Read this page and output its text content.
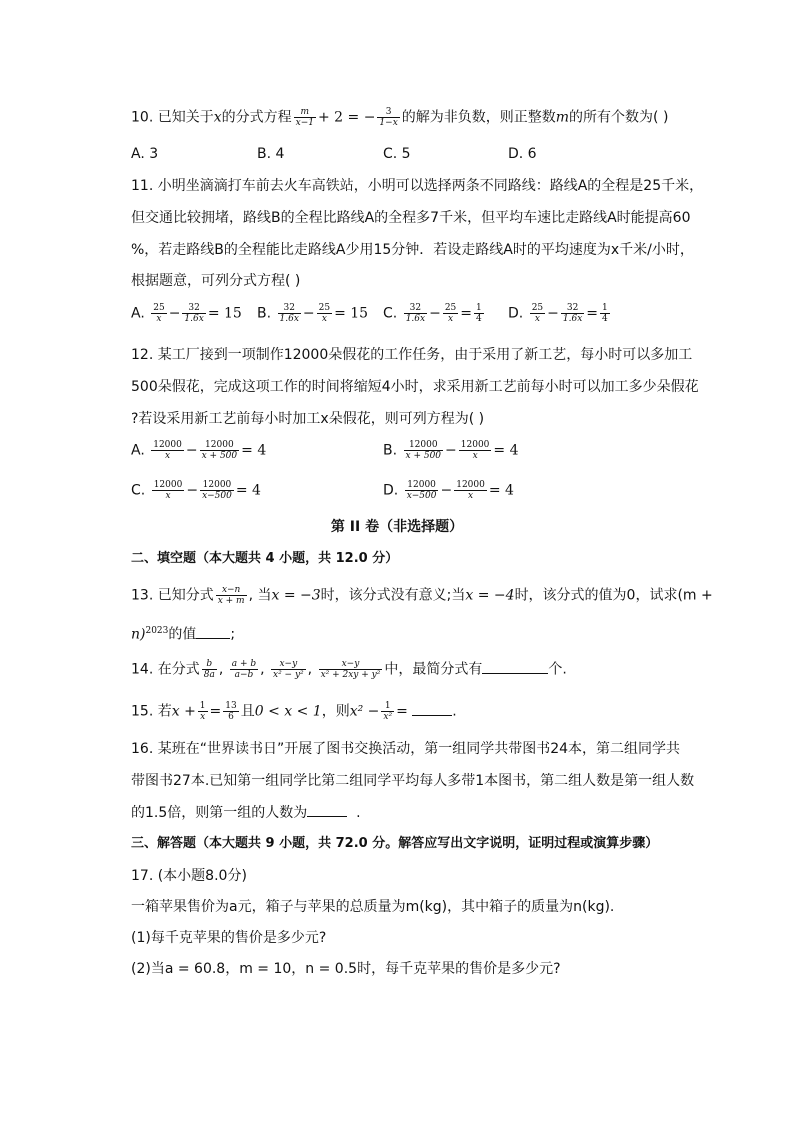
10. 已知关于x的分式方程 $\frac{m}{x-1} + 2$ = − $\frac{3}{1-x}$ 的解为非负数，则正整数m的所有个数为( )
A. 3	B. 4	C. 5	D. 6
11. 小明坐滴滴打车前去火车高铁站，小明可以选择两条不同路线：路线A的全程是25千米，
但交通比较拥堵，路线B的全程比路线A的全程多7千米，但平均车速比走路线A时能提高60
%，若走路线B的全程能比走路线A少用15分钟．若设走路线A时的平均速度为x千米/小时，
根据题意，可列分式方程( )
A. $\frac{25}{x} - \frac{32}{1.6x} = 15$ B. $\frac{32}{1.6x} - \frac{25}{x} = 15$ C. $\frac{32}{1.6x} - \frac{25}{x} = \frac{1}{4} D$. $\frac{25}{x} - \frac{32}{1.6x} = \frac{1}{4}$
12. 某工厂接到一项制作12000朵假花的工作任务，由于采用了新工艺，每小时可以多加工
500朵假花，完成这项工作的时间将缩短4小时，求采用新工艺前每小时可以加工多少朵假花
?若设采用新工艺前每小时加工x朵假花，则可列方程为( )
A. $\frac{12000}{x} - \frac{12000}{x + 500} = 4$	B. $\frac{12000}{x + 500} - \frac{12000}{x} = 4$
C. $\frac{12000}{x} - \frac{12000}{x-500} = 4$	D. $\frac{12000}{x-500} - \frac{12000}{x} = 4$
第 II 卷（非选择题）
二、填空题（本大题共 4 小题，共 12.0 分）
13. 已知分式 $\frac{x-n}{x + m}$ , 当x = −3时，该分式没有意义;当x = −4时，该分式的值为0，试求(m +
n)$^{2023}$的值 ;
14. 在分式 $\frac{b}{8a}$ , $\frac{a + b}{a-b}$ , $\frac{x-y}{\text{x² − y²}}$ , $\frac{x-y}{\text{x² + 2xy + y²}}$ 中，最简分式有	个.
15. 若$x + \frac{1}{x} = \frac{13}{6}$ 且0 < x < 1，则$x^2 - \frac{1}{\text{x²}}$ =	.
16. 某班在“世界读书日”开展了图书交换活动，第一组同学共带图书24本，第二组同学共
带图书27本.已知第一组同学比第二组同学平均每人多带1本图书，第二组人数是第一组人数
的1.5倍，则第一组的人数为	.
三、解答题（本大题共 9 小题，共 72.0 分。解答应写出文字说明，证明过程或演算步骤）
17. (本小题8.0分)
一箱苹果售价为a元，箱子与苹果的总质量为m(kg)，其中箱子的质量为n(kg).
(1)每千克苹果的售价是多少元?
(2)当a = 60.8，m = 10，n = 0.5时，每千克苹果的售价是多少元?
